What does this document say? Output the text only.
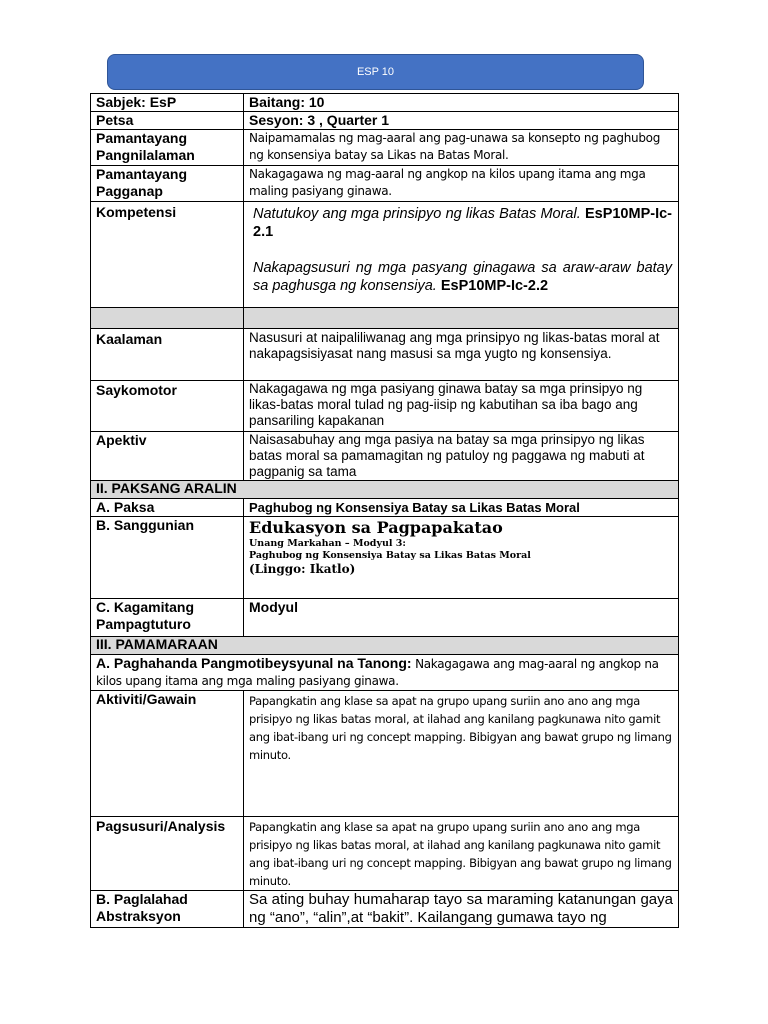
ESP 10
Sabjek: EsP	Baitang: 10
Petsa	Sesyon: 3 , Quarter 1

Pamantayang
Pangnilalaman	Naipamamalas ng mag-aaral ang pag-unawa sa konsepto ng paghubog ng konsensiya batay sa Likas na Batas Moral.

Pamantayang
Pagganap	Nakagagawa ng mag-aaral ng angkop na kilos upang itama ang mga maling pasiyang ginawa.
Kompetensi	Natutukoy ang mga prinsipyo ng likas Batas Moral. EsP10MP-Ic-2.1
Nakapagsusuri ng mga pasyang ginagawa sa araw-araw batay sa paghusga ng konsensiya. EsP10MP-Ic-2.2

Kaalaman	Nasusuri at naipaliliwanag ang mga prinsipyo ng likas-batas moral at nakapagsisiyasat nang masusi sa mga yugto ng konsensiya.
Saykomotor	Nakagagawa ng mga pasiyang ginawa batay sa mga prinsipyo ng likas-batas moral tulad ng pag-iisip ng kabutihan sa iba bago ang pansariling kapakanan
Apektiv	Naisasabuhay ang mga pasiya na batay sa mga prinsipyo ng likas batas moral sa pamamagitan ng patuloy ng paggawa ng mabuti at pagpanig sa tama
II. PAKSANG ARALIN	
A. Paksa	Paghubog ng Konsensiya Batay sa Likas Batas Moral
B. Sanggunian	Edukasyon sa Pagpapakatao
Unang Markahan – Modyul 3:
Paghubog ng Konsensiya Batay sa Likas Batas Moral
(Linggo: Ikatlo)

C. Kagamitang
Pampagtuturo	Modyul
III. PAMAMARAAN	
A. Paghahanda Pangmotibeysyunal na Tanong: Nakagagawa ang mag-aaral ng angkop na kilos upang itama ang mga maling pasiyang ginawa.	
Aktiviti/Gawain	Papangkatin ang klase sa apat na grupo upang suriin ano ano ang mga prisipyo ng likas batas moral, at ilahad ang kanilang pagkunawa nito gamit ang ibat-ibang uri ng concept mapping. Bibigyan ang bawat grupo ng limang minuto.
Pagsusuri/Analysis	Papangkatin ang klase sa apat na grupo upang suriin ano ano ang mga prisipyo ng likas batas moral, at ilahad ang kanilang pagkunawa nito gamit ang ibat-ibang uri ng concept mapping. Bibigyan ang bawat grupo ng limang minuto.

B. Paglalahad
Abstraksyon	Sa ating buhay humaharap tayo sa maraming katanungan gaya ng “ano”, “alin”,at “bakit”. Kailangang gumawa tayo ng
